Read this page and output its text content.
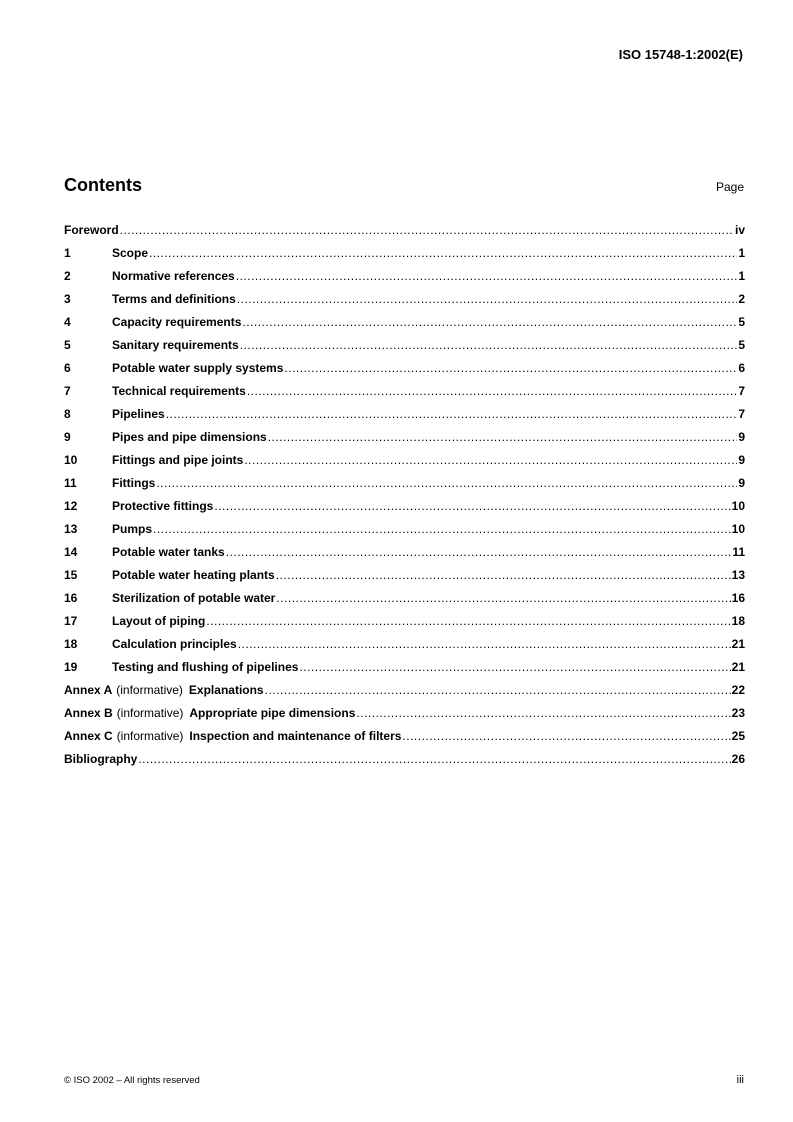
ISO 15748-1:2002(E)
Contents	Page
Foreword .....	iv
1	Scope .....	1
2	Normative references .....	1
3	Terms and definitions .....	2
4	Capacity requirements .....	5
5	Sanitary requirements .....	5
6	Potable water supply systems .....	6
7	Technical requirements .....	7
8	Pipelines .....	7
9	Pipes and pipe dimensions .....	9
10	Fittings and pipe joints .....	9
11	Fittings .....	9
12	Protective fittings .....	10
13	Pumps .....	10
14	Potable water tanks .....	11
15	Potable water heating plants .....	13
16	Sterilization of potable water .....	16
17	Layout of piping .....	18
18	Calculation principles .....	21
19	Testing and flushing of pipelines .....	21
Annex A (informative) Explanations .....	22
Annex B (informative) Appropriate pipe dimensions .....	23
Annex C (informative) Inspection and maintenance of filters .....	25
Bibliography .....	26
© ISO 2002 – All rights reserved	iii
